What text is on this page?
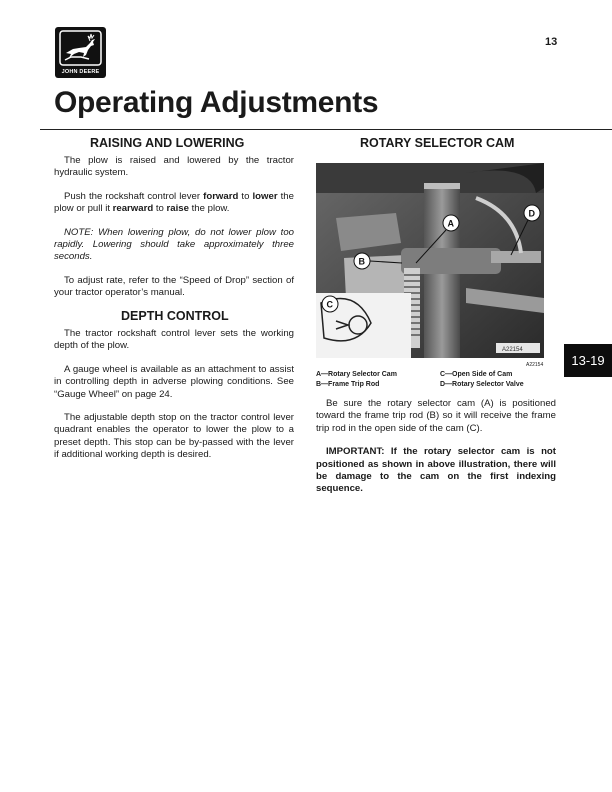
JOHN DEERE
13
Operating Adjustments
RAISING AND LOWERING

The plow is raised and lowered by the tractor hydraulic system.

Push the rockshaft control lever forward to lower the plow or pull it rearward to raise the plow.

NOTE: When lowering plow, do not lower plow too rapidly. Lowering should take approximately three seconds.

To adjust rate, refer to the “Speed of Drop” section of your tractor operator’s manual.

DEPTH CONTROL

The tractor rockshaft control lever sets the working depth of the plow.

A gauge wheel is available as an attachment to assist in controlling depth in adverse plowing conditions. See “Gauge Wheel” on page 24.

The adjustable depth stop on the tractor control lever quadrant enables the operator to lower the plow to a preset depth. This stop can be by-passed with the lever if additional working depth is desired.

ROTARY SELECTOR CAM
A22154
A
B
C
D
A22154
A—Rotary Selector Cam
B—Frame Trip Rod
C—Open Side of Cam
D—Rotary Selector Valve

Be sure the rotary selector cam (A) is positioned toward the frame trip rod (B) so it will receive the frame trip rod in the open side of the cam (C).

IMPORTANT: If the rotary selector cam is not positioned as shown in above illustration, there will be damage to the cam on the first indexing sequence.

13-19
